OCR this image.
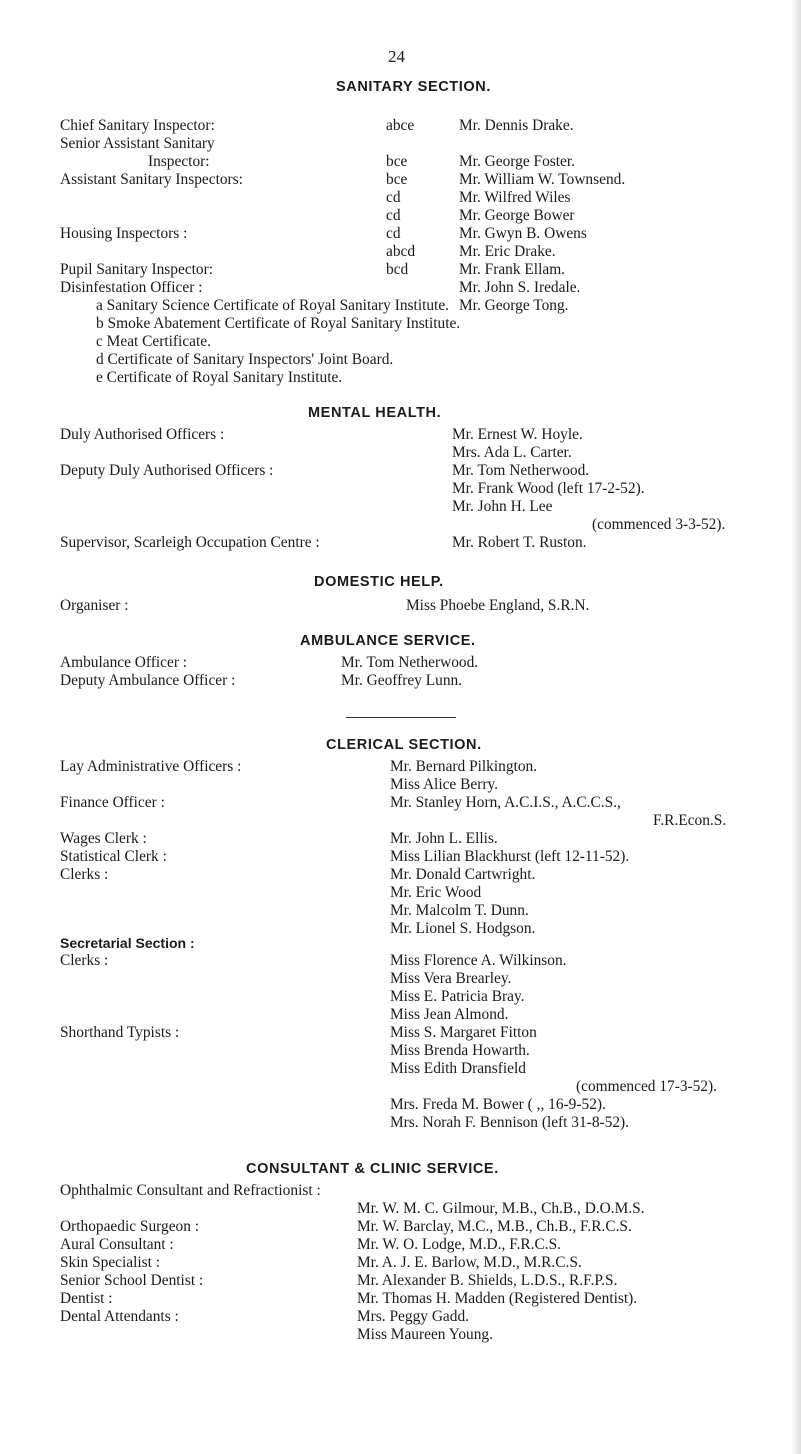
24
SANITARY SECTION.
Chief Sanitary Inspector:
Senior Assistant Sanitary
Inspector:
Assistant Sanitary Inspectors:
Housing Inspectors :
Pupil Sanitary Inspector:
Disinfestation Officer :
abce
bce
bce
cd
cd
cd
abcd
bcd
Mr. Dennis Drake.
Mr. George Foster.
Mr. William W. Townsend.
Mr. Wilfred Wiles
Mr. George Bower
Mr. Gwyn B. Owens
Mr. Eric Drake.
Mr. Frank Ellam.
Mr. John S. Iredale.
Mr. George Tong.
a Sanitary Science Certificate of Royal Sanitary Institute.
b Smoke Abatement Certificate of Royal Sanitary Institute.
c Meat Certificate.
d Certificate of Sanitary Inspectors' Joint Board.
e Certificate of Royal Sanitary Institute.
MENTAL HEALTH.
Duly Authorised Officers :
Deputy Duly Authorised Officers :
Supervisor, Scarleigh Occupation Centre :
Mr. Ernest W. Hoyle.
Mrs. Ada L. Carter.
Mr. Tom Netherwood.
Mr. Frank Wood (left 17-2-52).
Mr. John H. Lee
(commenced 3-3-52).
Mr. Robert T. Ruston.
DOMESTIC HELP.
Organiser :	Miss Phoebe England, S.R.N.
AMBULANCE SERVICE.
Ambulance Officer :
Deputy Ambulance Officer :
Mr. Tom Netherwood.
Mr. Geoffrey Lunn.
CLERICAL SECTION.
Lay Administrative Officers :
Finance Officer :
Wages Clerk :
Statistical Clerk :
Clerks :
Secretarial Section :
Clerks :
Shorthand Typists :
Mr. Bernard Pilkington.
Miss Alice Berry.
Mr. Stanley Horn, A.C.I.S., A.C.C.S.,
F.R.Econ.S.
Mr. John L. Ellis.
Miss Lilian Blackhurst (left 12-11-52).
Mr. Donald Cartwright.
Mr. Eric Wood
Mr. Malcolm T. Dunn.
Mr. Lionel S. Hodgson.
Miss Florence A. Wilkinson.
Miss Vera Brearley.
Miss E. Patricia Bray.
Miss Jean Almond.
Miss S. Margaret Fitton
Miss Brenda Howarth.
Miss Edith Dransfield
(commenced 17-3-52).
Mrs. Freda M. Bower ( ,, 16-9-52).
Mrs. Norah F. Bennison (left 31-8-52).
CONSULTANT & CLINIC SERVICE.
Ophthalmic Consultant and Refractionist :
Orthopaedic Surgeon :
Aural Consultant :
Skin Specialist :
Senior School Dentist :
Dentist :
Dental Attendants :
Mr. W. M. C. Gilmour, M.B., Ch.B., D.O.M.S.
Mr. W. Barclay, M.C., M.B., Ch.B., F.R.C.S.
Mr. W. O. Lodge, M.D., F.R.C.S.
Mr. A. J. E. Barlow, M.D., M.R.C.S.
Mr. Alexander B. Shields, L.D.S., R.F.P.S.
Mr. Thomas H. Madden (Registered Dentist).
Mrs. Peggy Gadd.
Miss Maureen Young.
